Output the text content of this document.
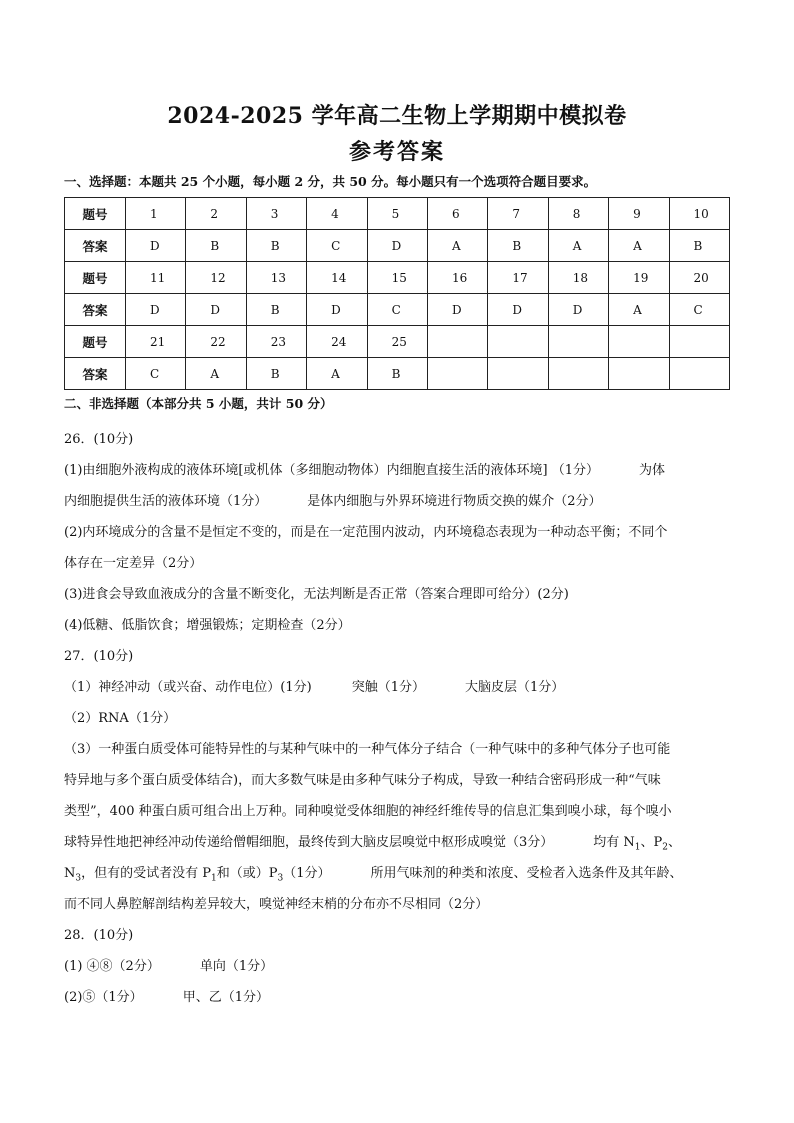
2024-2025 学年高二生物上学期期中模拟卷
参考答案
一、选择题：本题共 25 个小题，每小题 2 分，共 50 分。每小题只有一个选项符合题目要求。
题号	1	2	3	4	5	6	7	8	9	10
答案	D	B	B	C	D	A	B	A	A	B
题号	11	12	13	14	15	16	17	18	19	20
答案	D	D	B	D	C	D	D	D	A	C
题号	21	22	23	24	25					
答案	C	A	B	A	B					
二、非选择题（本部分共 5 小题，共计 50 分）
26．(10分)
(1)由细胞外液构成的液体环境[或机体（多细胞动物体）内细胞直接生活的液体环境] （1分）	为体
内细胞提供生活的液体环境（1分）	是体内细胞与外界环境进行物质交换的媒介（2分）
(2)内环境成分的含量不是恒定不变的，而是在一定范围内波动，内环境稳态表现为一种动态平衡；不同个
体存在一定差异（2分）
(3)进食会导致血液成分的含量不断变化，无法判断是否正常（答案合理即可给分）(2分)
(4)低糖、低脂饮食；增强锻炼；定期检查（2分）
27．(10分)
（1）神经冲动（或兴奋、动作电位）(1分)	突触（1分）	大脑皮层（1分）
（2）RNA（1分）
（3）一种蛋白质受体可能特异性的与某种气味中的一种气体分子结合（一种气味中的多种气体分子也可能
特异地与多个蛋白质受体结合)，而大多数气味是由多种气味分子构成，导致一种结合密码形成一种“气味
类型”，400 种蛋白质可组合出上万种。同种嗅觉受体细胞的神经纤维传导的信息汇集到嗅小球，每个嗅小
球特异性地把神经冲动传递给僧帽细胞，最终传到大脑皮层嗅觉中枢形成嗅觉（3分）	均有 $N_1$、$P_2$、
$N_3$，但有的受试者没有 $P_1$和（或）$P_3(1$分）	所用气味剂的种类和浓度、受检者入选条件及其年龄、
而不同人鼻腔解剖结构差异较大，嗅觉神经末梢的分布亦不尽相同（2分）
28．(10分)
(1) ④⑧（2分）	单向（1分）
(2)⑤（1分）	甲、乙（1分）
